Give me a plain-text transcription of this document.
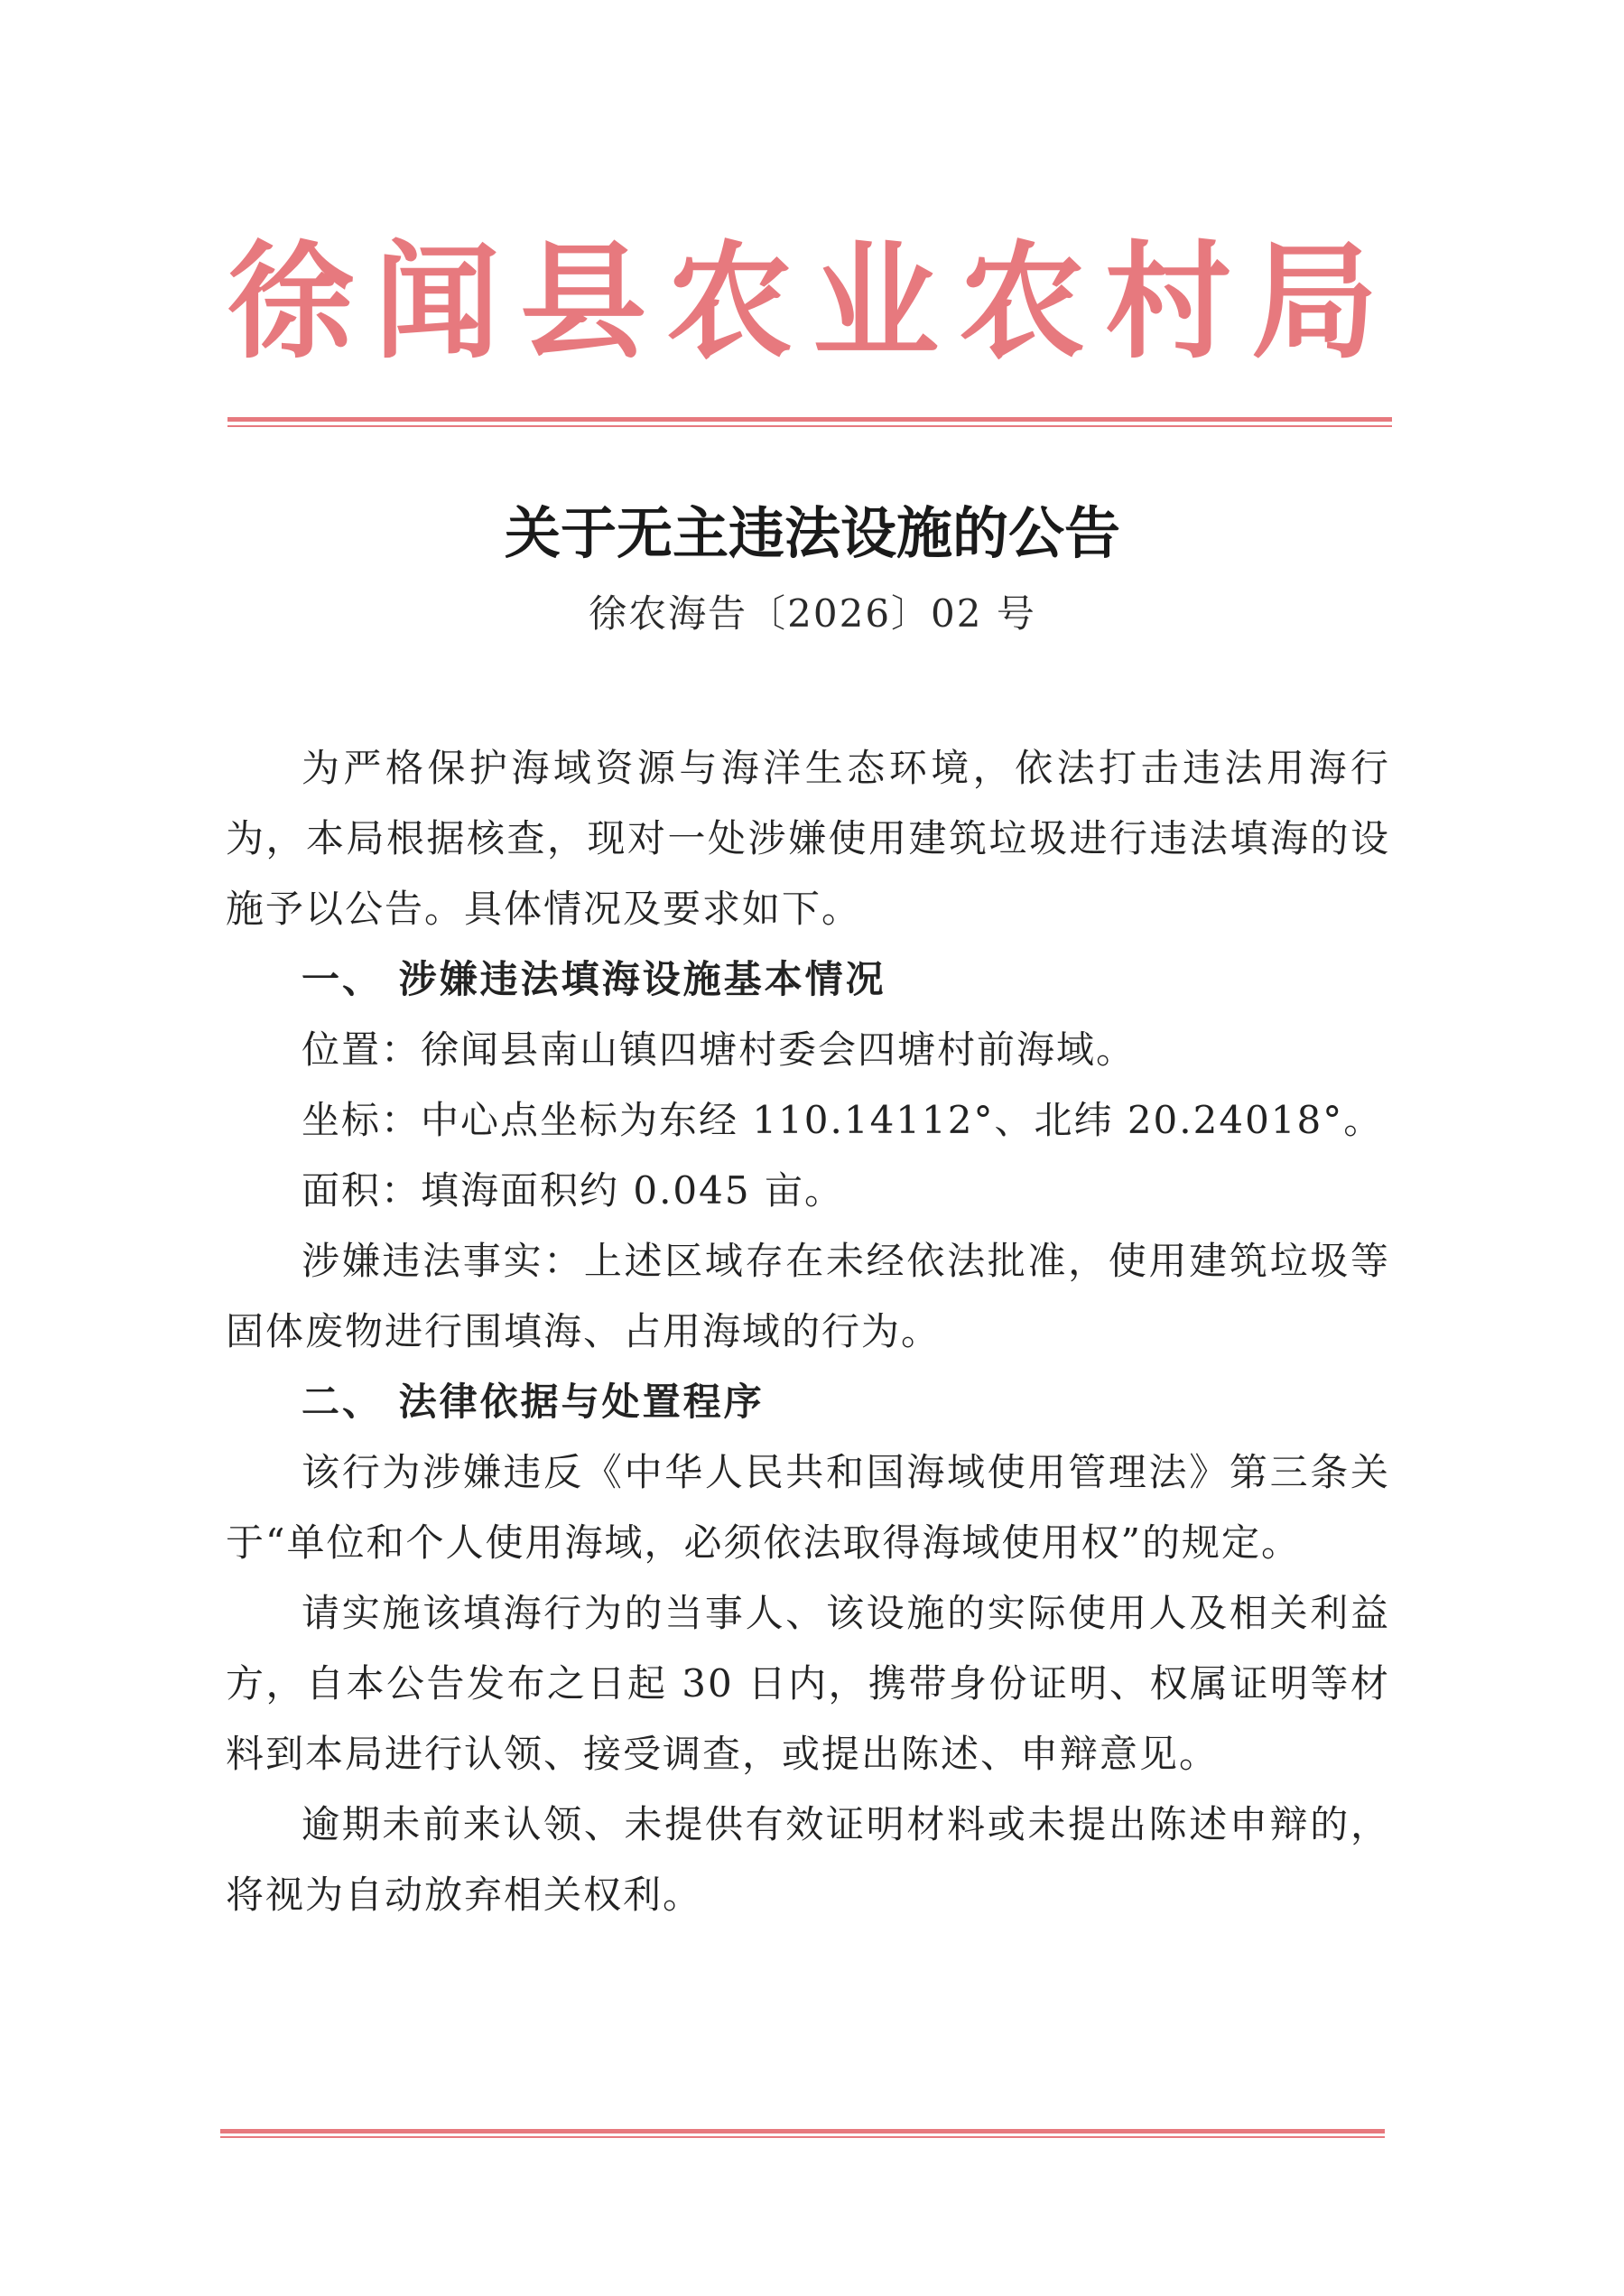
徐闻县农业农村局
关于无主违法设施的公告
徐农海告〔2026〕02 号

为严格保护海域资源与海洋生态环境，依法打击违法用海行为，本局根据核查，现对一处涉嫌使用建筑垃圾进行违法填海的设施予以公告。具体情况及要求如下。

一、 涉嫌违法填海设施基本情况

位置：徐闻县南山镇四塘村委会四塘村前海域。

坐标：中心点坐标为东经 110.14112°、北纬 20.24018°。

面积：填海面积约 0.045 亩。

涉嫌违法事实：上述区域存在未经依法批准，使用建筑垃圾等固体废物进行围填海、占用海域的行为。

二、 法律依据与处置程序

该行为涉嫌违反《中华人民共和国海域使用管理法》第三条关于“单位和个人使用海域，必须依法取得海域使用权”的规定。

请实施该填海行为的当事人、该设施的实际使用人及相关利益方，自本公告发布之日起 30 日内，携带身份证明、权属证明等材料到本局进行认领、接受调查，或提出陈述、申辩意见。

逾期未前来认领、未提供有效证明材料或未提出陈述申辩的，将视为自动放弃相关权利。
